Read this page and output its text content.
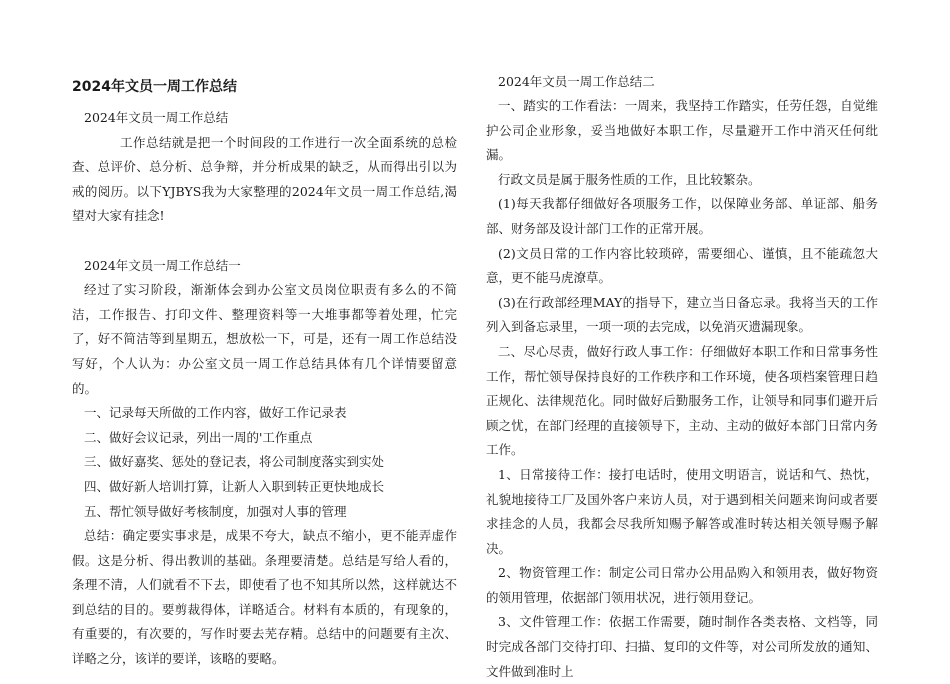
2024年文员一周工作总结

2024年文员一周工作总结

工作总结就是把一个时间段的工作进行一次全面系统的总检查、总评价、总分析、总争辩，并分析成果的缺乏，从而得出引以为戒的阅历。以下YJBYS我为大家整理的2024年文员一周工作总结,渴望对大家有挂念!

2024年文员一周工作总结一

经过了实习阶段，渐渐体会到办公室文员岗位职责有多么的不简洁，工作报告、打印文件、整理资料等一大堆事都等着处理，忙完了，好不简洁等到星期五，想放松一下，可是，还有一周工作总结没写好，个人认为：办公室文员一周工作总结具体有几个详情要留意的。

一、记录每天所做的工作内容，做好工作记录表

二、做好会议记录，列出一周的'工作重点

三、做好嘉奖、惩处的登记表，将公司制度落实到实处

四、做好新人培训打算，让新人入职到转正更快地成长

五、帮忙领导做好考核制度，加强对人事的管理

总结：确定要实事求是，成果不夸大，缺点不缩小，更不能弄虚作假。这是分析、得出教训的基础。条理要清楚。总结是写给人看的，条理不清，人们就看不下去，即使看了也不知其所以然，这样就达不到总结的目的。要剪裁得体，详略适合。材料有本质的，有现象的，有重要的，有次要的，写作时要去芜存精。总结中的问题要有主次、详略之分，该详的要详，该略的要略。

2024年文员一周工作总结二

一、踏实的工作看法：一周来，我坚持工作踏实，任劳任怨，自觉维护公司企业形象，妥当地做好本职工作，尽量避开工作中消灭任何纰漏。

行政文员是属于服务性质的工作，且比较繁杂。

(1)每天我都仔细做好各项服务工作，以保障业务部、单证部、船务部、财务部及设计部门工作的正常开展。

(2)文员日常的工作内容比较琐碎，需要细心、谨慎，且不能疏忽大意，更不能马虎潦草。

(3)在行政部经理MAY的指导下，建立当日备忘录。我将当天的工作列入到备忘录里，一项一项的去完成，以免消灭遗漏现象。

二、尽心尽责，做好行政人事工作：仔细做好本职工作和日常事务性工作，帮忙领导保持良好的工作秩序和工作环境，使各项档案管理日趋正规化、法律规范化。同时做好后勤服务工作，让领导和同事们避开后顾之忧，在部门经理的直接领导下，主动、主动的做好本部门日常内务工作。

1、日常接待工作：接打电话时，使用文明语言，说话和气、热忱，礼貌地接待工厂及国外客户来访人员，对于遇到相关问题来询问或者要求挂念的人员，我都会尽我所知赐予解答或准时转达相关领导赐予解决。

2、物资管理工作：制定公司日常办公用品购入和领用表，做好物资的领用管理，依据部门领用状况，进行领用登记。

3、文件管理工作：依据工作需要，随时制作各类表格、文档等，同时完成各部门交待打印、扫描、复印的文件等，对公司所发放的通知、文件做到准时上
